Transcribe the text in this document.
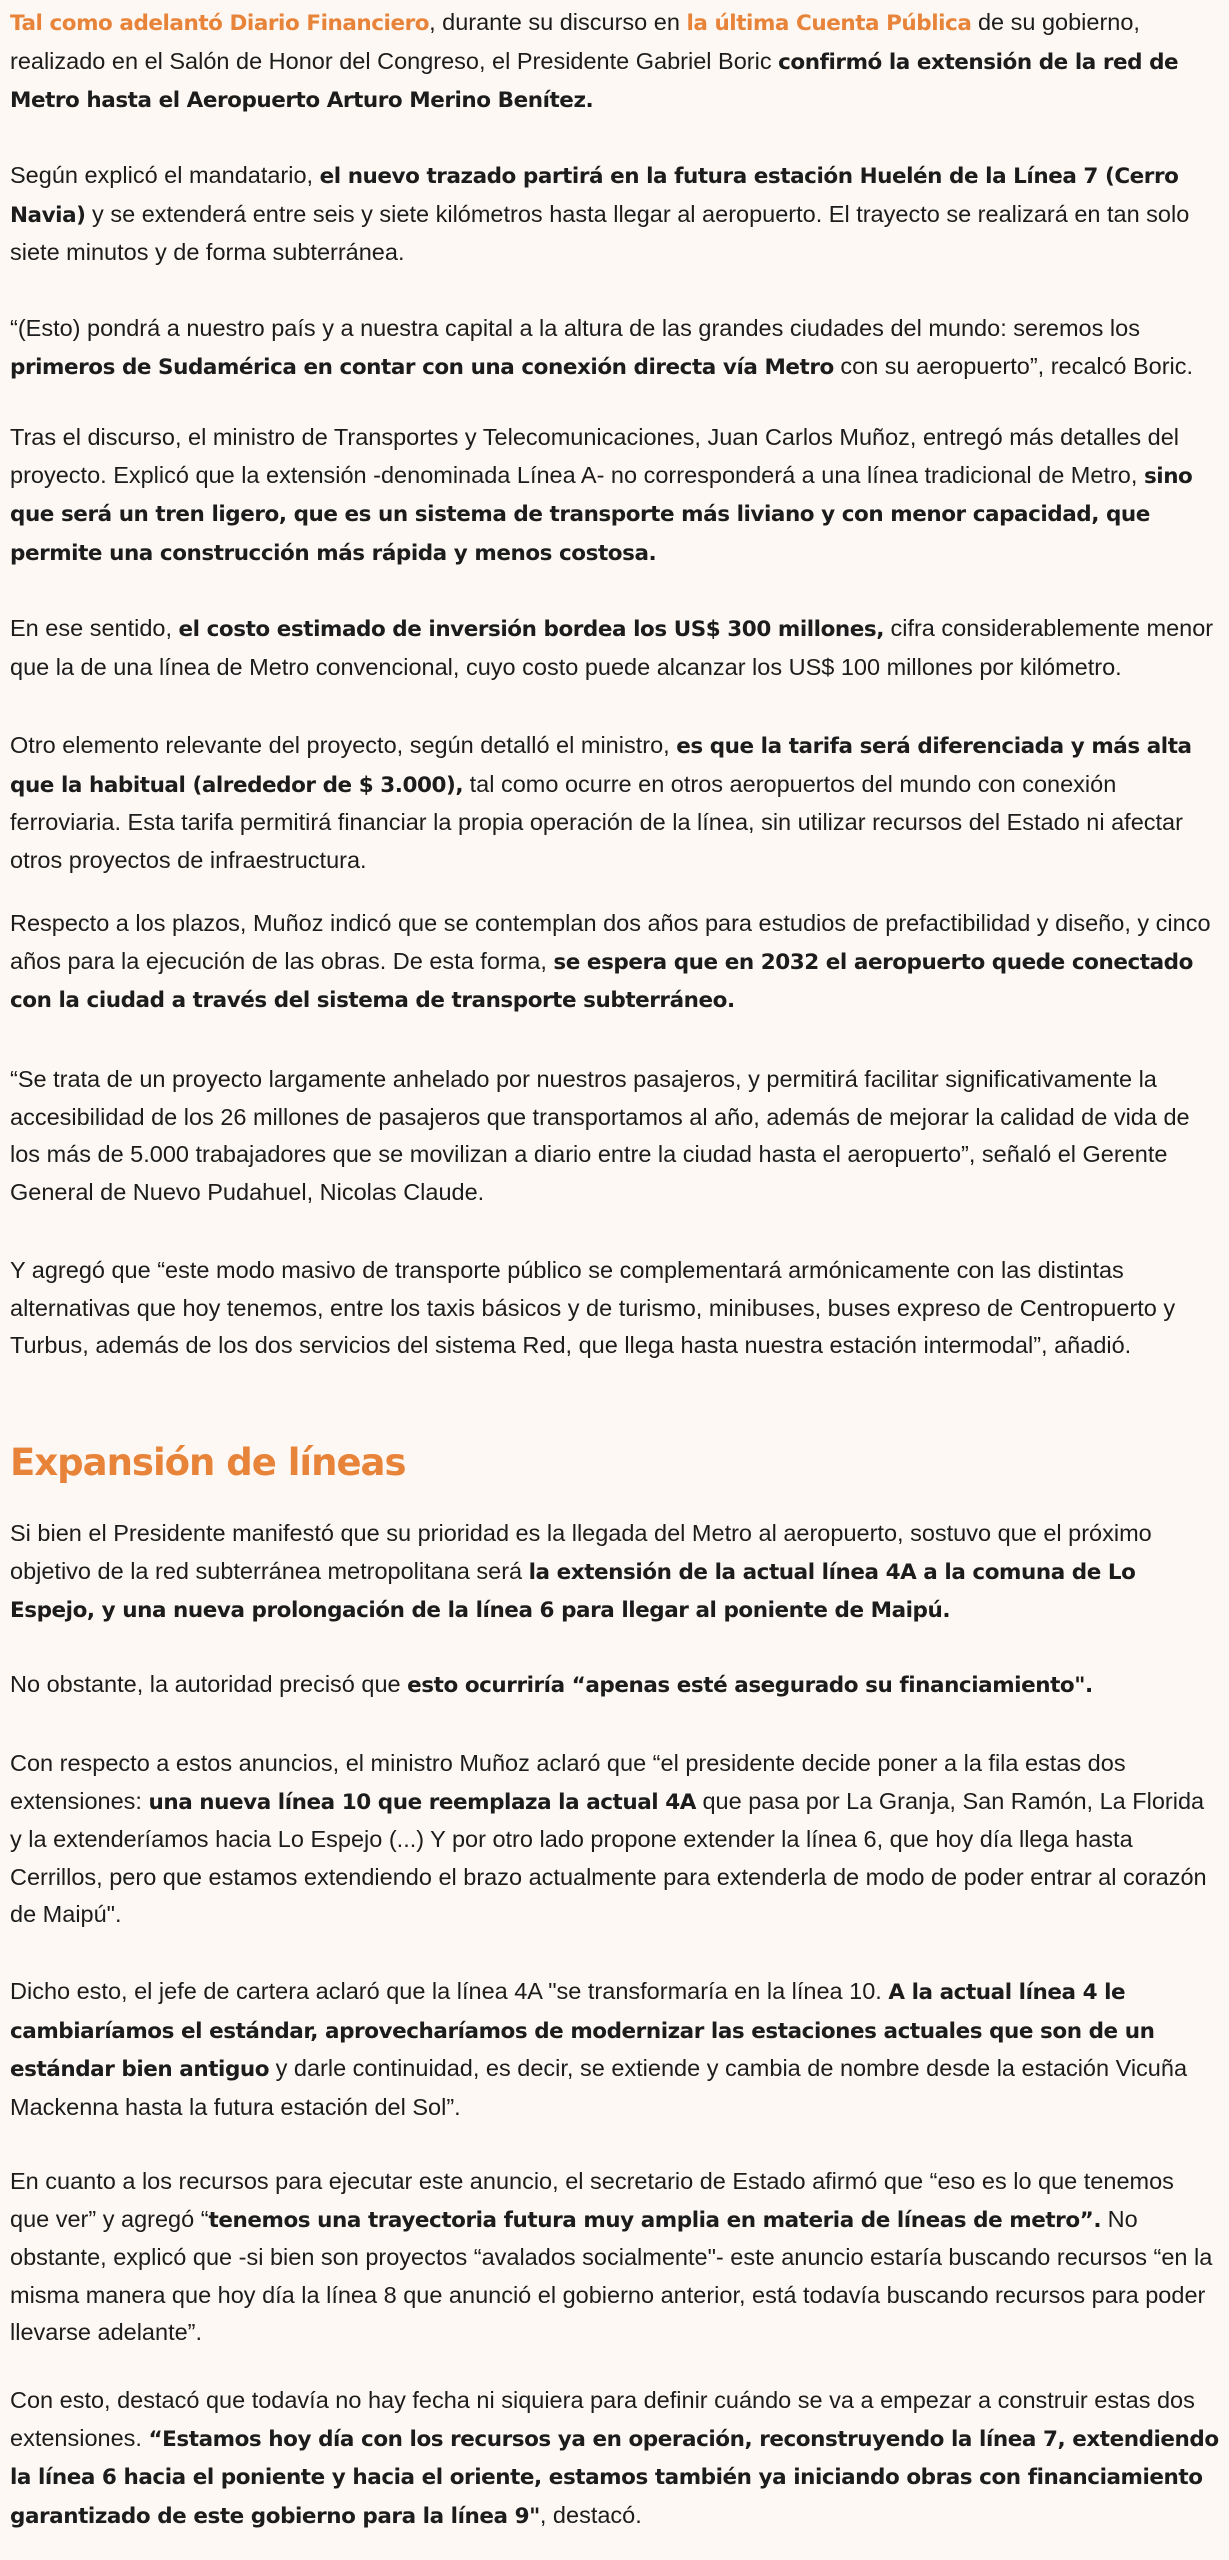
Tal como adelantó Diario Financiero, durante su discurso en la última Cuenta Pública de su gobierno, realizado en el Salón de Honor del Congreso, el Presidente Gabriel Boric confirmó la extensión de la red de Metro hasta el Aeropuerto Arturo Merino Benítez.

Según explicó el mandatario, el nuevo trazado partirá en la futura estación Huelén de la Línea 7 (Cerro Navia) y se extenderá entre seis y siete kilómetros hasta llegar al aeropuerto. El trayecto se realizará en tan solo siete minutos y de forma subterránea.

“(Esto) pondrá a nuestro país y a nuestra capital a la altura de las grandes ciudades del mundo: seremos los primeros de Sudamérica en contar con una conexión directa vía Metro con su aeropuerto”, recalcó Boric.

Tras el discurso, el ministro de Transportes y Telecomunicaciones, Juan Carlos Muñoz, entregó más detalles del proyecto. Explicó que la extensión -denominada Línea A- no corresponderá a una línea tradicional de Metro, sino que será un tren ligero, que es un sistema de transporte más liviano y con menor capacidad, que permite una construcción más rápida y menos costosa.

En ese sentido, el costo estimado de inversión bordea los US$ 300 millones, cifra considerablemente menor que la de una línea de Metro convencional, cuyo costo puede alcanzar los US$ 100 millones por kilómetro.

Otro elemento relevante del proyecto, según detalló el ministro, es que la tarifa será diferenciada y más alta que la habitual (alrededor de $ 3.000), tal como ocurre en otros aeropuertos del mundo con conexión ferroviaria. Esta tarifa permitirá financiar la propia operación de la línea, sin utilizar recursos del Estado ni afectar otros proyectos de infraestructura.

Respecto a los plazos, Muñoz indicó que se contemplan dos años para estudios de prefactibilidad y diseño, y cinco años para la ejecución de las obras. De esta forma, se espera que en 2032 el aeropuerto quede conectado con la ciudad a través del sistema de transporte subterráneo.

“Se trata de un proyecto largamente anhelado por nuestros pasajeros, y permitirá facilitar significativamente la accesibilidad de los 26 millones de pasajeros que transportamos al año, además de mejorar la calidad de vida de los más de 5.000 trabajadores que se movilizan a diario entre la ciudad hasta el aeropuerto”, señaló el Gerente General de Nuevo Pudahuel, Nicolas Claude.

Y agregó que “este modo masivo de transporte público se complementará armónicamente con las distintas alternativas que hoy tenemos, entre los taxis básicos y de turismo, minibuses, buses expreso de Centropuerto y Turbus, además de los dos servicios del sistema Red, que llega hasta nuestra estación intermodal”, añadió.

Expansión de líneas

Si bien el Presidente manifestó que su prioridad es la llegada del Metro al aeropuerto, sostuvo que el próximo objetivo de la red subterránea metropolitana será la extensión de la actual línea 4A a la comuna de Lo Espejo, y una nueva prolongación de la línea 6 para llegar al poniente de Maipú.

No obstante, la autoridad precisó que esto ocurriría “apenas esté asegurado su financiamiento".

Con respecto a estos anuncios, el ministro Muñoz aclaró que “el presidente decide poner a la fila estas dos extensiones: una nueva línea 10 que reemplaza la actual 4A que pasa por La Granja, San Ramón, La Florida y la extenderíamos hacia Lo Espejo (...) Y por otro lado propone extender la línea 6, que hoy día llega hasta Cerrillos, pero que estamos extendiendo el brazo actualmente para extenderla de modo de poder entrar al corazón de Maipú".

Dicho esto, el jefe de cartera aclaró que la línea 4A "se transformaría en la línea 10. A la actual línea 4 le cambiaríamos el estándar, aprovecharíamos de modernizar las estaciones actuales que son de un estándar bien antiguo y darle continuidad, es decir, se extiende y cambia de nombre desde la estación Vicuña Mackenna hasta la futura estación del Sol”.

En cuanto a los recursos para ejecutar este anuncio, el secretario de Estado afirmó que “eso es lo que tenemos que ver” y agregó “tenemos una trayectoria futura muy amplia en materia de líneas de metro”. No obstante, explicó que -si bien son proyectos “avalados socialmente"- este anuncio estaría buscando recursos “en la misma manera que hoy día la línea 8 que anunció el gobierno anterior, está todavía buscando recursos para poder llevarse adelante”.

Con esto, destacó que todavía no hay fecha ni siquiera para definir cuándo se va a empezar a construir estas dos extensiones. “Estamos hoy día con los recursos ya en operación, reconstruyendo la línea 7, extendiendo la línea 6 hacia el poniente y hacia el oriente, estamos también ya iniciando obras con financiamiento garantizado de este gobierno para la línea 9", destacó.
